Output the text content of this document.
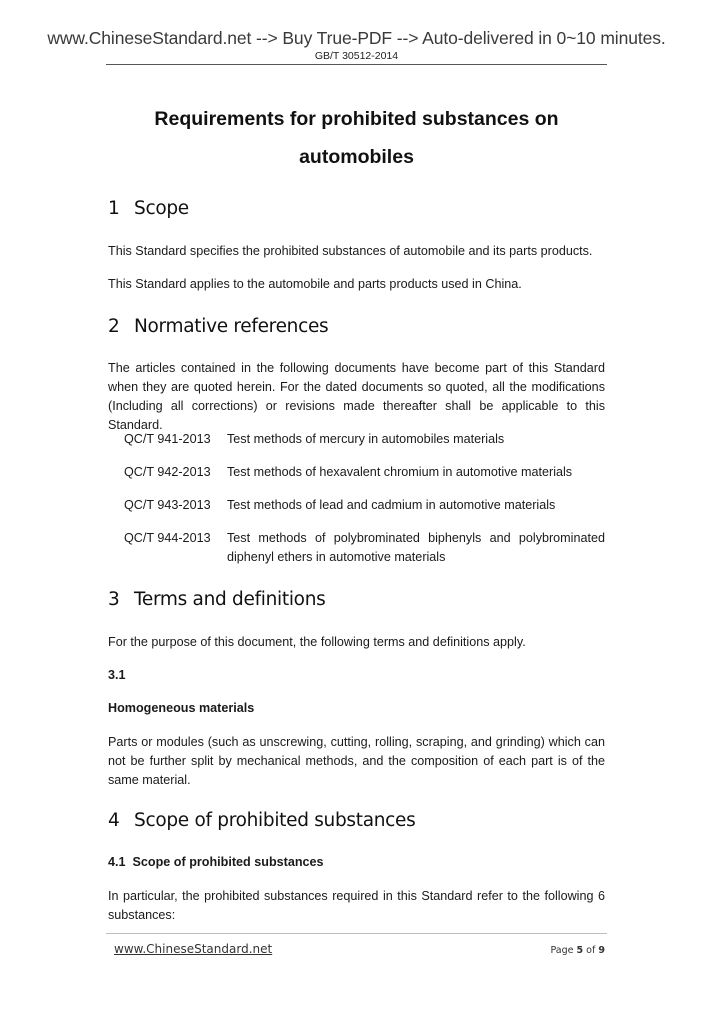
www.ChineseStandard.net --> Buy True-PDF --> Auto-delivered in 0~10 minutes.
GB/T 30512-2014
Requirements for prohibited substances on
automobiles
1 Scope
This Standard specifies the prohibited substances of automobile and its parts products.
This Standard applies to the automobile and parts products used in China.
2 Normative references
The articles contained in the following documents have become part of this Standard when they are quoted herein. For the dated documents so quoted, all the modifications (Including all corrections) or revisions made thereafter shall be applicable to this Standard.
QC/T 941-2013	Test methods of mercury in automobiles materials
QC/T 942-2013	Test methods of hexavalent chromium in automotive materials
QC/T 943-2013	Test methods of lead and cadmium in automotive materials
QC/T 944-2013	Test methods of polybrominated biphenyls and polybrominated diphenyl ethers in automotive materials
3 Terms and definitions
For the purpose of this document, the following terms and definitions apply.
3.1
Homogeneous materials
Parts or modules (such as unscrewing, cutting, rolling, scraping, and grinding) which can not be further split by mechanical methods, and the composition of each part is of the same material.
4 Scope of prohibited substances
4.1 Scope of prohibited substances
In particular, the prohibited substances required in this Standard refer to the following 6 substances:
www.ChineseStandard.net	Page 5 of 9
